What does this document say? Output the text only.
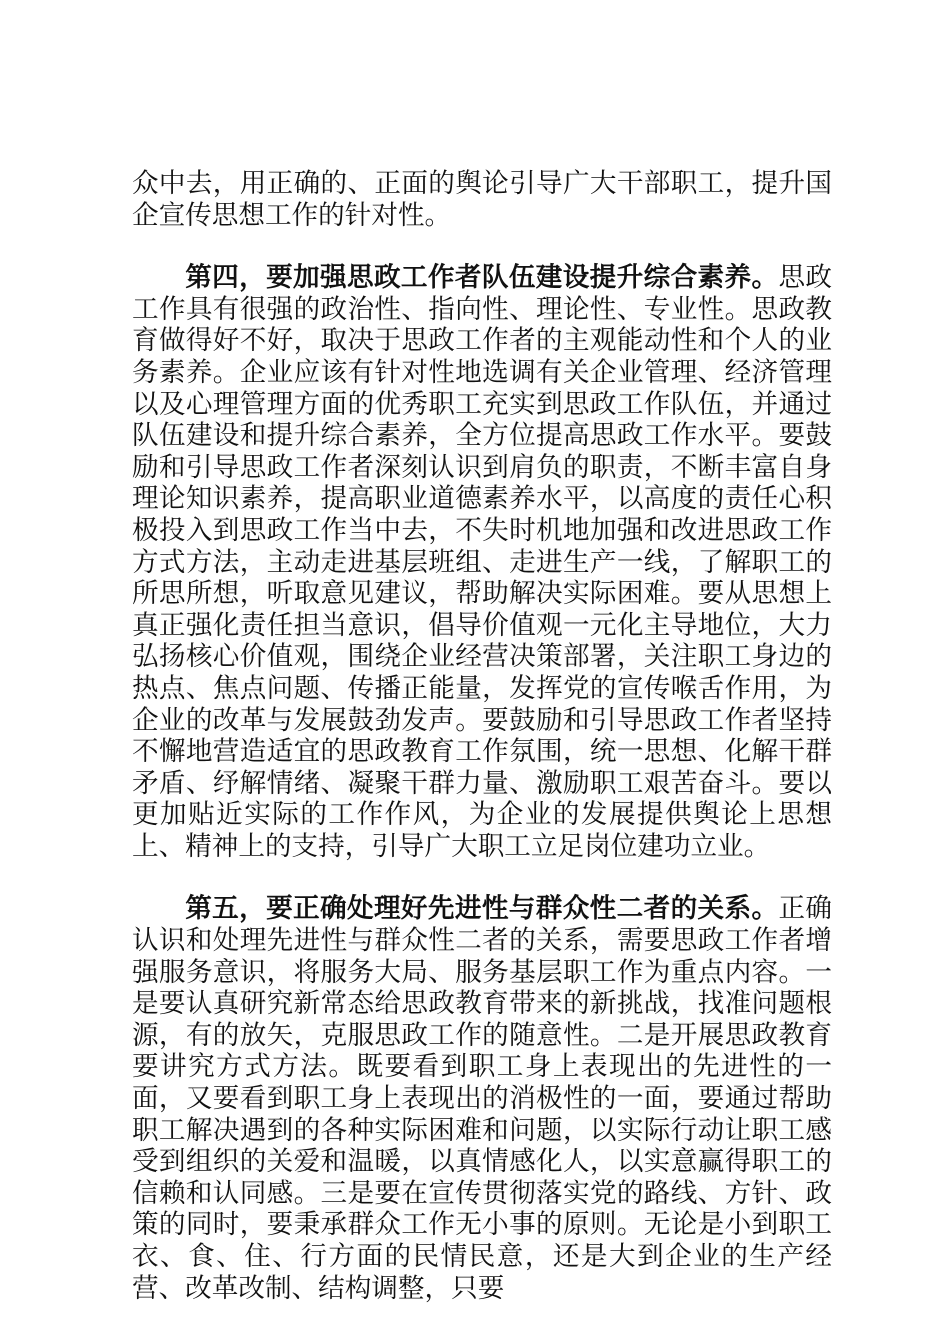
众中去，用正确的、正面的舆论引导广大干部职工，提升国企宣传思想工作的针对性。

第四，要加强思政工作者队伍建设提升综合素养。思政工作具有很强的政治性、指向性、理论性、专业性。思政教育做得好不好，取决于思政工作者的主观能动性和个人的业务素养。企业应该有针对性地选调有关企业管理、经济管理以及心理管理方面的优秀职工充实到思政工作队伍，并通过队伍建设和提升综合素养，全方位提高思政工作水平。要鼓励和引导思政工作者深刻认识到肩负的职责，不断丰富自身理论知识素养，提高职业道德素养水平，以高度的责任心积极投入到思政工作当中去，不失时机地加强和改进思政工作方式方法，主动走进基层班组、走进生产一线，了解职工的所思所想，听取意见建议，帮助解决实际困难。要从思想上真正强化责任担当意识，倡导价值观一元化主导地位，大力弘扬核心价值观，围绕企业经营决策部署，关注职工身边的热点、焦点问题、传播正能量，发挥党的宣传喉舌作用，为企业的改革与发展鼓劲发声。要鼓励和引导思政工作者坚持不懈地营造适宜的思政教育工作氛围，统一思想、化解干群矛盾、纾解情绪、凝聚干群力量、激励职工艰苦奋斗。要以更加贴近实际的工作作风，为企业的发展提供舆论上思想上、精神上的支持，引导广大职工立足岗位建功立业。

第五，要正确处理好先进性与群众性二者的关系。正确认识和处理先进性与群众性二者的关系，需要思政工作者增强服务意识，将服务大局、服务基层职工作为重点内容。一是要认真研究新常态给思政教育带来的新挑战，找准问题根源，有的放矢，克服思政工作的随意性。二是开展思政教育要讲究方式方法。既要看到职工身上表现出的先进性的一面，又要看到职工身上表现出的消极性的一面，要通过帮助职工解决遇到的各种实际困难和问题，以实际行动让职工感受到组织的关爱和温暖，以真情感化人，以实意赢得职工的信赖和认同感。三是要在宣传贯彻落实党的路线、方针、政策的同时，要秉承群众工作无小事的原则。无论是小到职工衣、食、住、行方面的民情民意，还是大到企业的生产经营、改革改制、结构调整，只要
